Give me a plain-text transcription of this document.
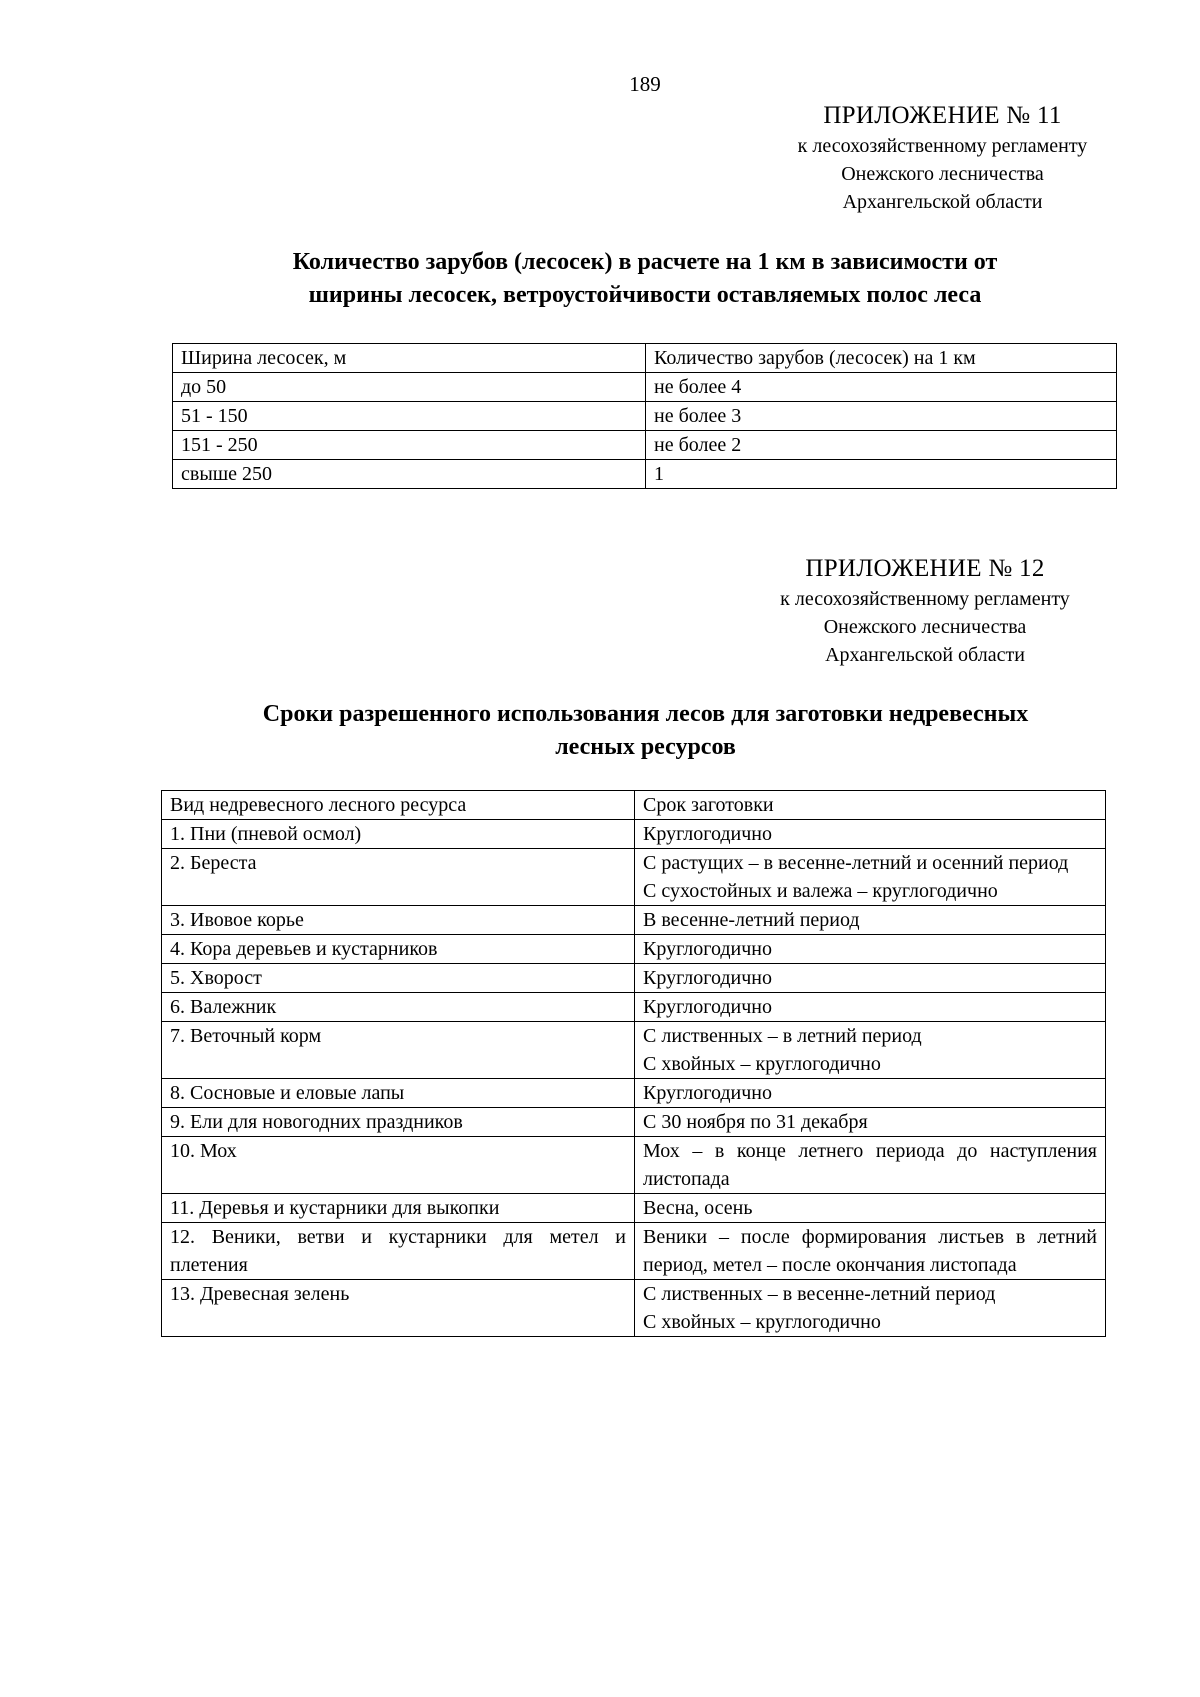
189
ПРИЛОЖЕНИЕ № 11
к лесохозяйственному регламенту
Онежского лесничества
Архангельской области
Количество зарубов (лесосек) в расчете на 1 км в зависимости от
ширины лесосек, ветроустойчивости оставляемых полос леса
Ширина лесосек, м	Количество зарубов (лесосек) на 1 км
до 50	не более 4
51 - 150	не более 3
151 - 250	не более 2
свыше 250	1
ПРИЛОЖЕНИЕ № 12
к лесохозяйственному регламенту
Онежского лесничества
Архангельской области
Сроки разрешенного использования лесов для заготовки недревесных
лесных ресурсов
Вид недревесного лесного ресурса	Срок заготовки
1. Пни (пневой осмол)	Круглогодично
2. Береста	С растущих – в весенне-летний и осенний период
С сухостойных и валежа – круглогодично

3. Ивовое корье	В весенне-летний период
4. Кора деревьев и кустарников	Круглогодично
5. Хворост	Круглогодично
6. Валежник	Круглогодично
7. Веточный корм	С лиственных – в летний период
С хвойных – круглогодично

8. Сосновые и еловые лапы	Круглогодично
9. Ели для новогодних праздников	С 30 ноября по 31 декабря
10. Мох	Мох – в конце летнего периода до наступления листопада
11. Деревья и кустарники для выкопки	Весна, осень
12. Веники, ветви и кустарники для метел и плетения	Веники – после формирования листьев в летний период, метел – после окончания листопада
13. Древесная зелень	С лиственных – в весенне-летний период
С хвойных – круглогодично
